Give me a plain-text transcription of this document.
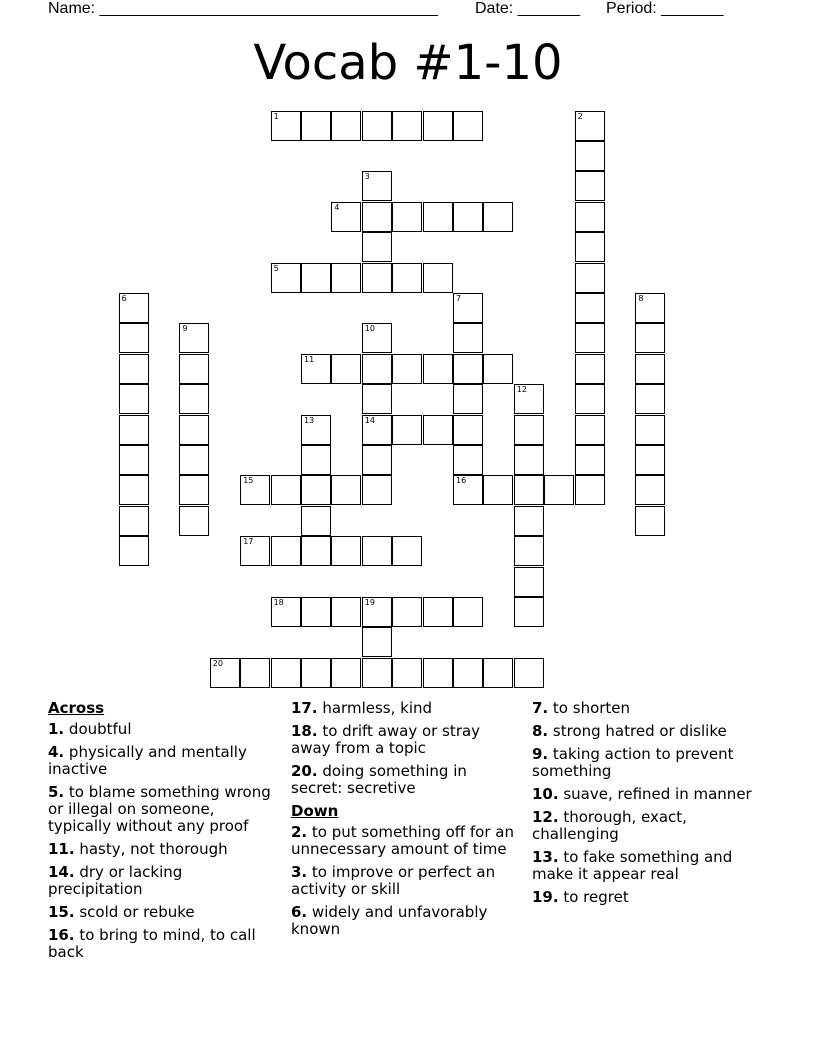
Name: ______________________________________ Date: _______ Period: _______
Vocab #1-10
1	2
3
4
5
6	7	8
9	10
11
12
13	14
15	16
17
18	19
20
Across
1. doubtful
4. physically and mentally inactive
5. to blame something wrong or illegal on someone, typically without any proof
11. hasty, not thorough
14. dry or lacking precipitation
15. scold or rebuke
16. to bring to mind, to call back
17. harmless, kind
18. to drift away or stray away from a topic
20. doing something in secret: secretive
Down
2. to put something off for an unnecessary amount of time
3. to improve or perfect an activity or skill
6. widely and unfavorably known
7. to shorten
8. strong hatred or dislike
9. taking action to prevent something
10. suave, refined in manner
12. thorough, exact, challenging
13. to fake something and make it appear real
19. to regret
